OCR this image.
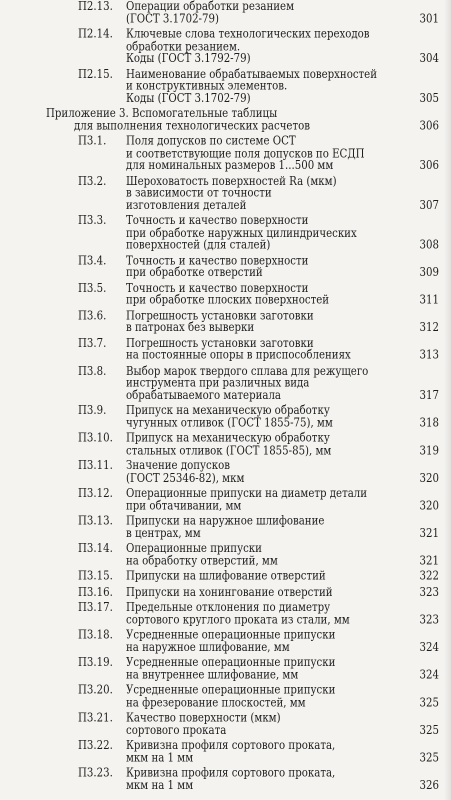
П2.13. Операции обработки резанием
(ГОСТ 3.1702-79)	301
П2.14. Ключевые слова технологических переходов
обработки резанием.
Коды (ГОСТ 3.1792-79)	304
П2.15. Наименование обрабатываемых поверхностей
и конструктивных элементов.
Коды (ГОСТ 3.1702-79)	305
Приложение 3. Вспомогательные таблицы
для выполнения технологических расчетов	306
П3.1. Поля допусков по системе ОСТ
и соответствующие поля допусков по ЕСДП
для номинальных размеров 1...500 мм	306
П3.2. Шероховатость поверхностей Ra (мкм)
в зависимости от точности
изготовления деталей	307
П3.3. Точность и качество поверхности
при обработке наружных цилиндрических
поверхностей (для сталей)	308
П3.4. Точность и качество поверхности
при обработке отверстий	309
П3.5. Точность и качество поверхности
при обработке плоских поверхностей	311
П3.6. Погрешность установки заготовки
в патронах без выверки	312
П3.7. Погрешность установки заготовки
на постоянные опоры в приспособлениях	313
П3.8. Выбор марок твердого сплава для режущего
инструмента при различных вида
обрабатываемого материала	317
П3.9. Припуск на механическую обработку
чугунных отливок (ГОСТ 1855-75), мм	318
П3.10. Припуск на механическую обработку
стальных отливок (ГОСТ 1855-85), мм	319
П3.11. Значение допусков
(ГОСТ 25346-82), мкм	320
П3.12. Операционные припуски на диаметр детали
при обтачивании, мм	320
П3.13. Припуски на наружное шлифование
в центрах, мм	321
П3.14. Операционные припуски
на обработку отверстий, мм	321
П3.15. Припуски на шлифование отверстий	322
П3.16. Припуски на хонингование отверстий	323
П3.17. Предельные отклонения по диаметру
сортового круглого проката из стали, мм	323
П3.18. Усредненные операционные припуски
на наружное шлифование, мм	324
П3.19. Усредненные операционные припуски
на внутреннее шлифование, мм	324
П3.20. Усредненные операционные припуски
на фрезерование плоскостей, мм	325
П3.21. Качество поверхности (мкм)
сортового проката	325
П3.22. Кривизна профиля сортового проката,
мкм на 1 мм	325
П3.23. Кривизна профиля сортового проката,
мкм на 1 мм	326
